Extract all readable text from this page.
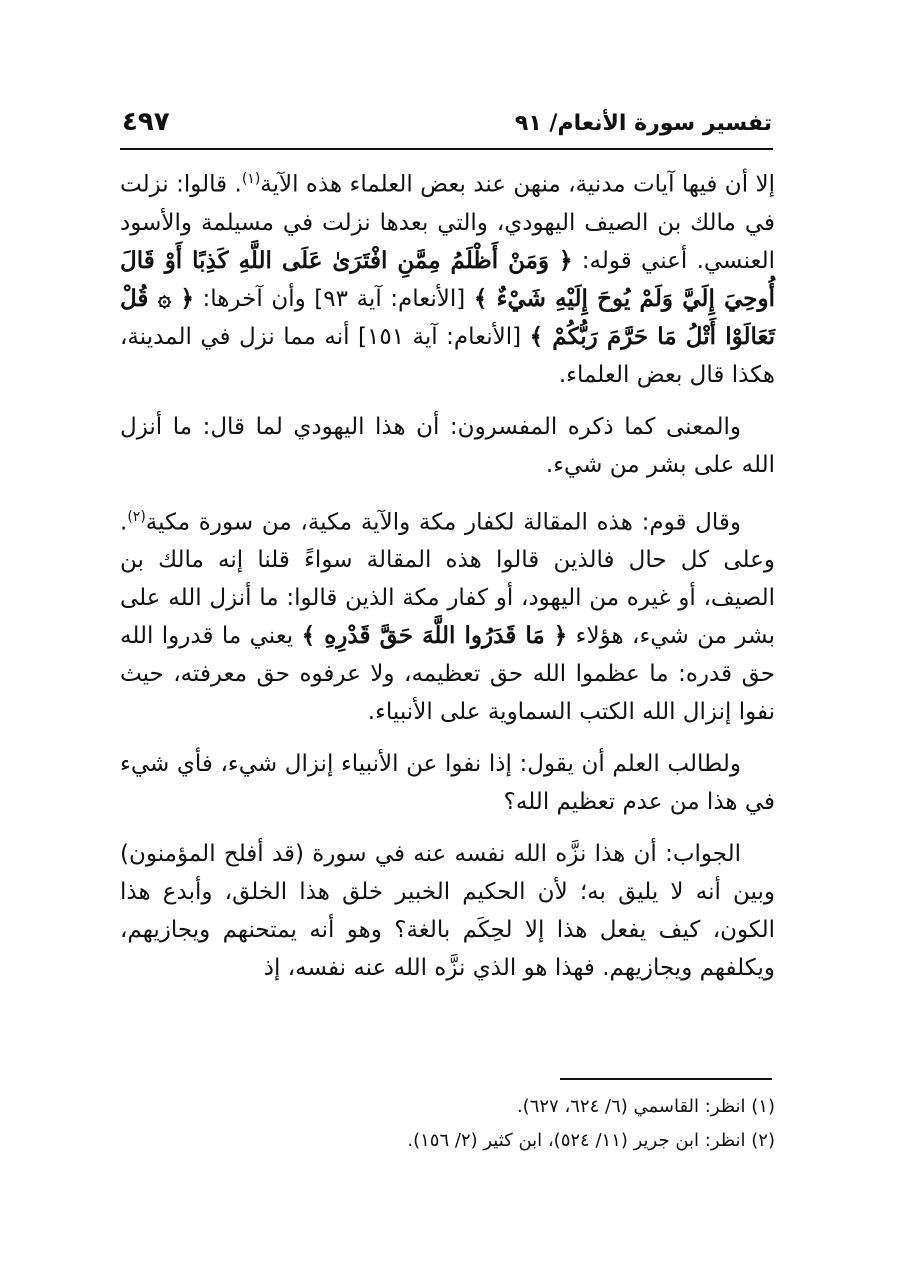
تفسير سورة الأنعام/ ٩١
٤٩٧

إلا أن فيها آيات مدنية، منهن عند بعض العلماء هذه الآية$^{(١)}$. قالوا: نزلت في مالك بن الصيف اليهودي، والتي بعدها نزلت في مسيلمة والأسود العنسي. أعني قوله: ﴿ وَمَنْ أَظْلَمُ مِمَّنِ افْتَرَىٰ عَلَى اللَّهِ كَذِبًا أَوْ قَالَ أُوحِيَ إِلَيَّ وَلَمْ يُوحَ إِلَيْهِ شَيْءٌ ﴾ [الأنعام: آية ٩٣] وأن آخرها: ﴿ ۞ قُلْ تَعَالَوْا أَتْلُ مَا حَرَّمَ رَبُّكُمْ ﴾ [الأنعام: آية ١٥١] أنه مما نزل في المدينة، هكذا قال بعض العلماء.

والمعنى كما ذكره المفسرون: أن هذا اليهودي لما قال: ما أنزل الله على بشر من شيء.

وقال قوم: هذه المقالة لكفار مكة والآية مكية، من سورة مكية$^{(٢)}$. وعلى كل حال فالذين قالوا هذه المقالة سواءً قلنا إنه مالك بن الصيف، أو غيره من اليهود، أو كفار مكة الذين قالوا: ما أنزل الله على بشر من شيء، هؤلاء ﴿ مَا قَدَرُوا اللَّهَ حَقَّ قَدْرِهِ ﴾ يعني ما قدروا الله حق قدره: ما عظموا الله حق تعظيمه، ولا عرفوه حق معرفته، حيث نفوا إنزال الله الكتب السماوية على الأنبياء.

ولطالب العلم أن يقول: إذا نفوا عن الأنبياء إنزال شيء، فأي شيء في هذا من عدم تعظيم الله؟

الجواب: أن هذا نزَّه الله نفسه عنه في سورة (قد أفلح المؤمنون) وبين أنه لا يليق به؛ لأن الحكيم الخبير خلق هذا الخلق، وأبدع هذا الكون، كيف يفعل هذا إلا لحِكَم بالغة؟ وهو أنه يمتحنهم ويجازيهم، ويكلفهم ويجازيهم. فهذا هو الذي نزَّه الله عنه نفسه، إذ

(١) انظر: القاسمي (٦/ ٦٢٤، ٦٢٧).

(٢) انظر: ابن جرير (١١/ ٥٢٤)، ابن كثير (٢/ ١٥٦).
